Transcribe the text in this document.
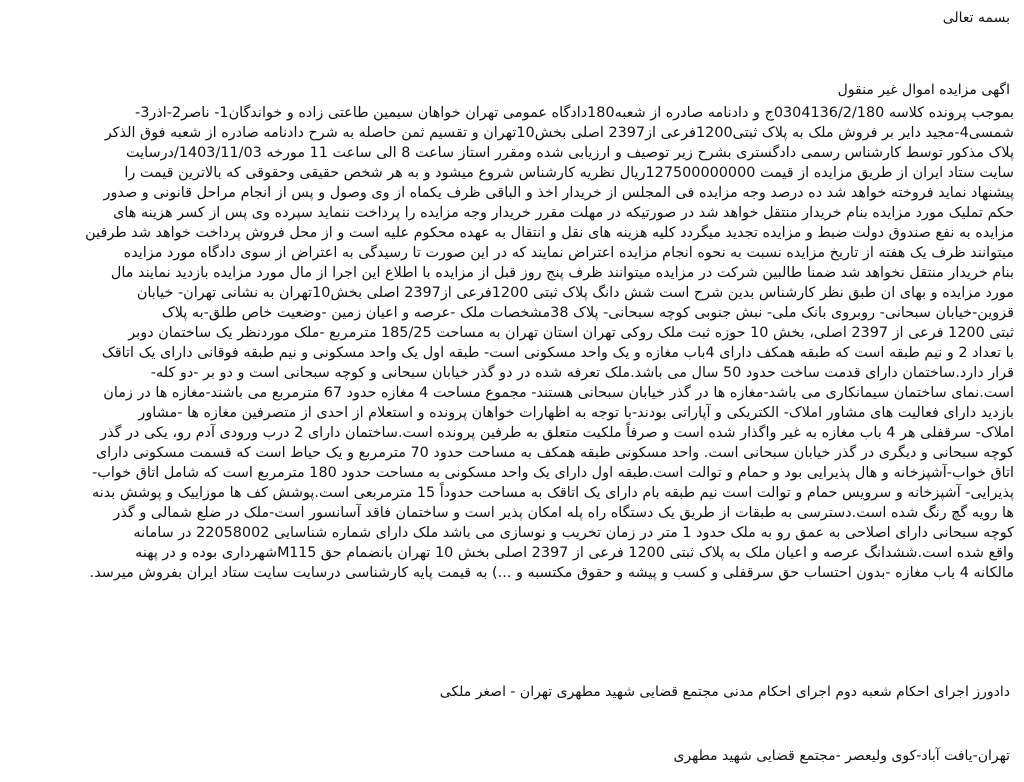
بسمه تعالی
اگهی مزایده اموال غیر منقول
بموجب پرونده کلاسه 0304136/2/180ج و دادنامه صادره از شعبه180دادگاه عمومی تهران خواهان سیمین طاعتی زاده و خواندگان1- ناصر2-اذر3-
شمسی4-مجید دایر بر فروش ملک به پلاک ثبتی1200فرعی از2397 اصلی بخش10تهران و تقسیم ثمن حاصله به شرح دادنامه صادره از شعبه فوق الذکر
پلاک مذکور توسط کارشناس رسمی دادگستری بشرح زیر توصیف و ارزیابی شده ومقرر استاز ساعت 8 الی ساعت 11 مورخه 1403/11/03/درسایت
سایت ستاد ایران از طریق مزایده از قیمت 127500000000ریال نظریه کارشناس شروع میشود و به هر شخص حقیقی وحقوقی که بالاترین قیمت را
پیشنهاد نماید فروخته خواهد شد ده درصد وجه مزایده فی المجلس از خریدار اخذ و الباقی ظرف یکماه از وی وصول و پس از انجام مراحل قانونی و صدور
حکم تملیک مورد مزایده بنام خریدار منتقل خواهد شد در صورتیکه در مهلت مقرر خریدار وجه مزایده را پرداخت ننماید سپرده وی پس از کسر هزینه های
مزایده به نفع صندوق دولت ضبط و مزایده تجدید میگردد کلیه هزینه های نقل و انتقال به عهده محکوم علیه است و از محل فروش پرداخت خواهد شد طرفین
میتوانند ظرف یک هفته از تاریخ مزایده نسبت به نحوه انجام مزایده اعتراض نمایند که در این صورت تا رسیدگی به اعتراض از سوی دادگاه مورد مزایده
بنام خریدار منتقل نخواهد شد ضمنا طالبین شرکت در مزایده میتوانند ظرف پنج روز قبل از مزایده با اطلاع این اجرا از مال مورد مزایده بازدید نمایند مال
مورد مزایده و بهای ان طبق نظر کارشناس بدین شرح است شش دانگ پلاک ثبتی 1200فرعی از2397 اصلی بخش10تهران به نشانی تهران- خیابان
قزوین-خیابان سبحانی- روبروی بانک ملی- نبش جنوبی کوچه سبحانی- پلاک 38مشخصات ملک -عرصه و اعیان زمین -وضعیت خاص طلق-به پلاک
ثبتی 1200 فرعی از 2397 اصلی، بخش 10 حوزه ثبت ملک روکی تهران استان تهران به مساحت 185/25 مترمربع -ملک موردنظر یک ساختمان دوبر
با تعداد 2 و نیم طبقه است که طبقه همکف دارای 4باب مغازه و یک واحد مسکونی است- طبقه اول یک واحد مسکونی و نیم طبقه فوقانی دارای یک اتاقک
قرار دارد.ساختمان دارای قدمت ساخت حدود 50 سال می باشد.ملک تعرفه شده در دو گذر خیابان سبحانی و کوچه سبحانی است و دو بر -دو کله-
است.نمای ساختمان سیمانکاری می باشد-مغازه ها در گذر خیابان سبحانی هستند- مجموع مساحت 4 مغازه حدود 67 مترمربع می باشند-مغازه ها در زمان
بازدید دارای فعالیت های مشاور املاک- الکتریکی و آپاراتی بودند-با توجه به اظهارات خواهان پرونده و استعلام از احدی از متصرفین مغازه ها -مشاور
املاک- سرقفلی هر 4 باب مغازه به غیر واگذار شده است و صرفاً ملکیت متعلق به طرفین پرونده است.ساختمان دارای 2 درب ورودی آدم رو، یکی در گذر
کوچه سبحانی و دیگری در گذر خیابان سبحانی است. واحد مسکونی طبقه همکف به مساحت حدود 70 مترمربع و یک حیاط است که قسمت مسکونی دارای
اتاق خواب-آشپزخانه و هال پذیرایی بود و حمام و توالت است.طبقه اول دارای یک واحد مسکونی به مساحت حدود 180 مترمربع است که شامل اتاق خواب-
پذیرایی- آشپزخانه و سرویس حمام و توالت است نیم طبقه بام دارای یک اتاقک به مساحت حدوداً 15 مترمربعی است.پوشش کف ها موزاییک و پوشش بدنه
ها رویه گچ رنگ شده است.دسترسی به طبقات از طریق یک دستگاه راه پله امکان پذیر است و ساختمان فاقد آسانسور است-ملک در ضلع شمالی و گذر
کوچه سبحانی دارای اصلاحی به عمق رو به ملک حدود 1 متر در زمان تخریب و نوسازی می باشد ملک دارای شماره شناسایی 22058002 در سامانه
واقع شده است.ششدانگ عرصه و اعیان ملک به پلاک ثبتی 1200 فرعی از 2397 اصلی بخش 10 تهران بانضمام حق M115شهرداری بوده و در پهنه
مالکانه 4 باب مغازه -بدون احتساب حق سرقفلی و کسب و پیشه و حقوق مکتسبه و ...) به قیمت پایه کارشناسی درسایت سایت ستاد ایران بفروش میرسد.
دادورز اجرای احکام شعبه دوم اجرای احکام مدنی مجتمع قضایی شهید مطهری تهران - اصغر ملکی
تهران-یافت آباد-کوی ولیعصر -مجتمع قضایی شهید مطهری
